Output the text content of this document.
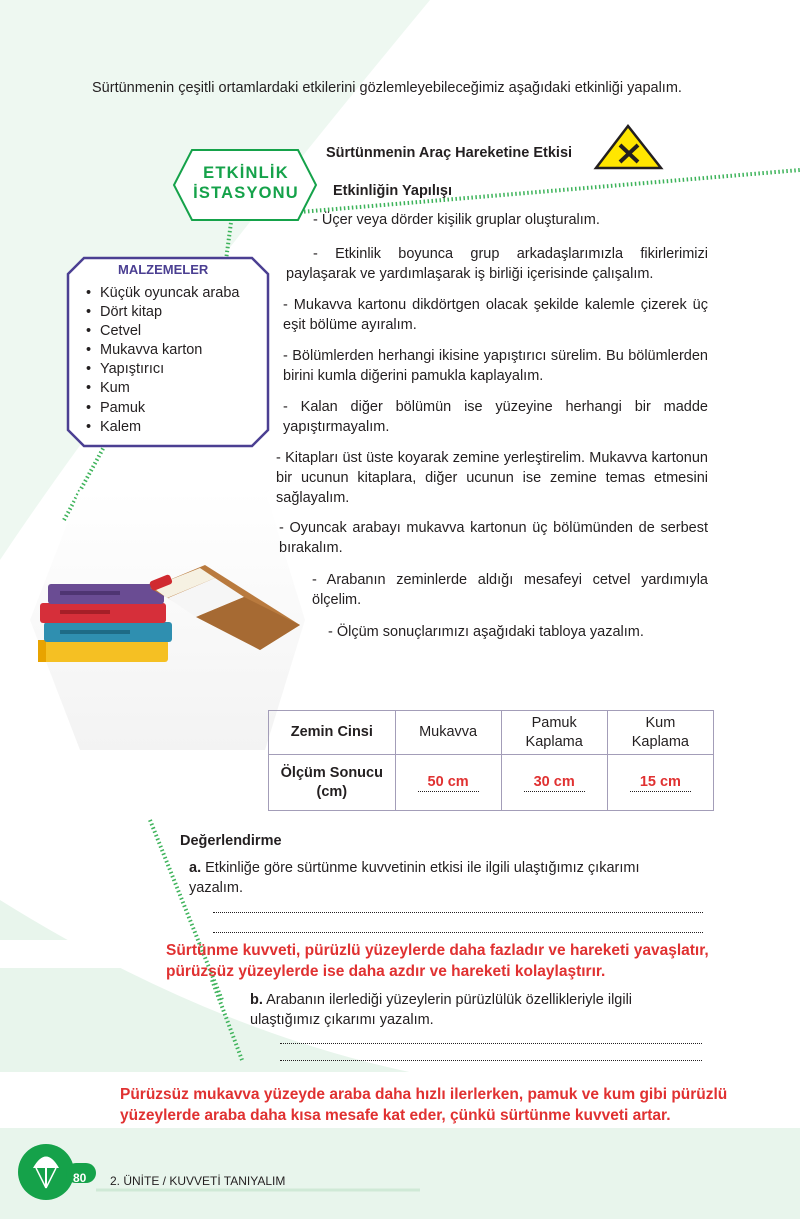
Sürtünmenin çeşitli ortamlardaki etkilerini gözlemleyebileceğimiz aşağıdaki etkinliği yapalım.
ETKİNLİK
İSTASYONU
Sürtünmenin Araç Hareketine Etkisi
Etkinliğin Yapılışı
- Üçer veya dörder kişilik gruplar oluşturalım.
- Etkinlik boyunca grup arkadaşlarımızla fikirlerimizi paylaşarak ve yardımlaşarak iş birliği içerisinde çalışalım.
- Mukavva kartonu dikdörtgen olacak şekilde kalemle çizerek üç eşit bölüme ayıralım.
- Bölümlerden herhangi ikisine yapıştırıcı sürelim. Bu bölümlerden birini kumla diğerini pamukla kaplayalım.
- Kalan diğer bölümün ise yüzeyine herhangi bir madde yapıştırmayalım.
- Kitapları üst üste koyarak zemine yerleştirelim. Mukavva kartonun bir ucunun kitaplara, diğer ucunun ise zemine temas etmesini sağlayalım.
- Oyuncak arabayı mukavva kartonun üç bölümünden de serbest bırakalım.
- Arabanın zeminlerde aldığı mesafeyi cetvel yardımıyla ölçelim.
- Ölçüm sonuçlarımızı aşağıdaki tabloya yazalım.
MALZEMELER
• Küçük oyuncak araba
• Dört kitap
• Cetvel
• Mukavva karton
• Yapıştırıcı
• Kum
• Pamuk
• Kalem
Zemin Cinsi	Mukavva	Pamuk Kaplama	Kum Kaplama

Ölçüm Sonucu (cm)	50 cm	30 cm	15 cm
Değerlendirme
a. Etkinliğe göre sürtünme kuvvetinin etkisi ile ilgili ulaştığımız çıkarımı yazalım.
Sürtünme kuvveti, pürüzlü yüzeylerde daha fazladır ve hareketi yavaşlatır, pürüzsüz yüzeylerde ise daha azdır ve hareketi kolaylaştırır.
b. Arabanın ilerlediği yüzeylerin pürüzlülük özellikleriyle ilgili ulaştığımız çıkarımı yazalım.
Pürüzsüz mukavva yüzeyde araba daha hızlı ilerlerken, pamuk ve kum gibi pürüzlü yüzeylerde araba daha kısa mesafe kat eder, çünkü sürtünme kuvveti artar.
80 2. ÜNİTE / KUVVETİ TANIYALIM
